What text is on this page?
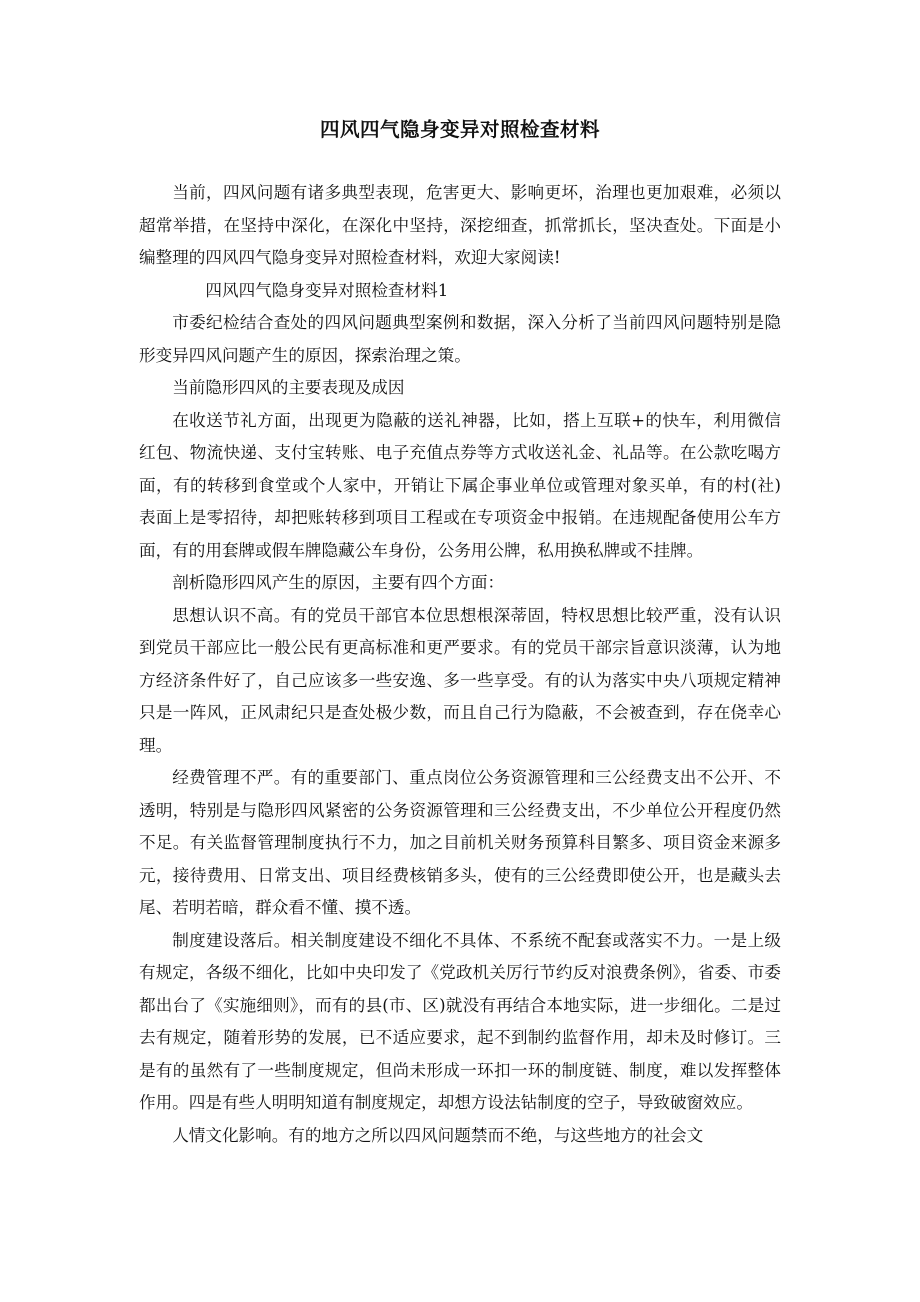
四风四气隐身变异对照检查材料

当前，四风问题有诸多典型表现，危害更大、影响更坏，治理也更加艰难，必须以超常举措，在坚持中深化，在深化中坚持，深挖细查，抓常抓长，坚决查处。下面是小编整理的四风四气隐身变异对照检查材料，欢迎大家阅读!

四风四气隐身变异对照检查材料1

市委纪检结合查处的四风问题典型案例和数据，深入分析了当前四风问题特别是隐形变异四风问题产生的原因，探索治理之策。

当前隐形四风的主要表现及成因

在收送节礼方面，出现更为隐蔽的送礼神器，比如，搭上互联+的快车，利用微信红包、物流快递、支付宝转账、电子充值点券等方式收送礼金、礼品等。在公款吃喝方面，有的转移到食堂或个人家中，开销让下属企事业单位或管理对象买单，有的村(社)表面上是零招待，却把账转移到项目工程或在专项资金中报销。在违规配备使用公车方面，有的用套牌或假车牌隐藏公车身份，公务用公牌，私用换私牌或不挂牌。

剖析隐形四风产生的原因，主要有四个方面：

思想认识不高。有的党员干部官本位思想根深蒂固，特权思想比较严重，没有认识到党员干部应比一般公民有更高标准和更严要求。有的党员干部宗旨意识淡薄，认为地方经济条件好了，自己应该多一些安逸、多一些享受。有的认为落实中央八项规定精神只是一阵风，正风肃纪只是查处极少数，而且自己行为隐蔽，不会被查到，存在侥幸心理。

经费管理不严。有的重要部门、重点岗位公务资源管理和三公经费支出不公开、不透明，特别是与隐形四风紧密的公务资源管理和三公经费支出，不少单位公开程度仍然不足。有关监督管理制度执行不力，加之目前机关财务预算科目繁多、项目资金来源多元，接待费用、日常支出、项目经费核销多头，使有的三公经费即使公开，也是藏头去尾、若明若暗，群众看不懂、摸不透。

制度建设落后。相关制度建设不细化不具体、不系统不配套或落实不力。一是上级有规定，各级不细化，比如中央印发了《党政机关厉行节约反对浪费条例》，省委、市委都出台了《实施细则》，而有的县(市、区)就没有再结合本地实际，进一步细化。二是过去有规定，随着形势的发展，已不适应要求，起不到制约监督作用，却未及时修订。三是有的虽然有了一些制度规定，但尚未形成一环扣一环的制度链、制度，难以发挥整体作用。四是有些人明明知道有制度规定，却想方设法钻制度的空子，导致破窗效应。

人情文化影响。有的地方之所以四风问题禁而不绝，与这些地方的社会文
